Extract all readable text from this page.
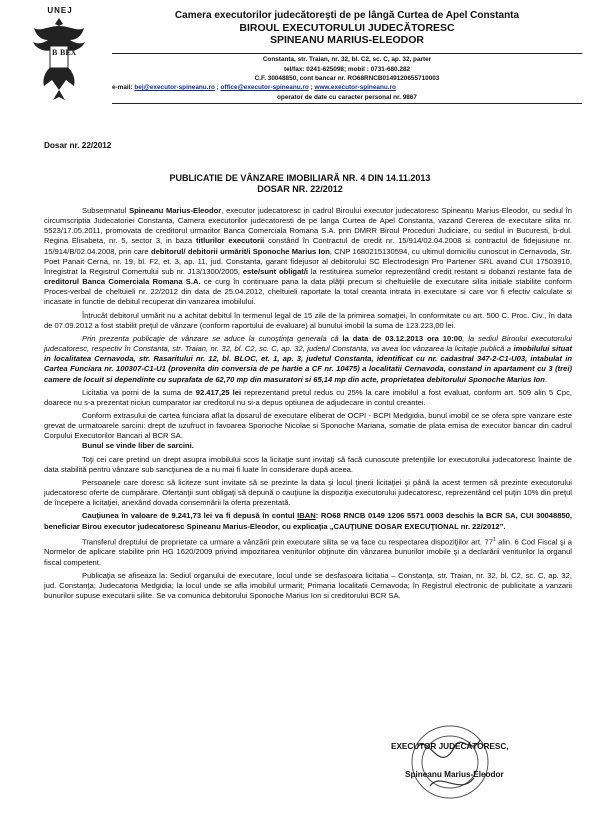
UNEJ
B BEX
Camera executorilor judecătoreşti de pe lângă Curtea de Apel Constanta
BIROUL EXECUTORULUI JUDECĂTORESC
SPINEANU MARIUS-ELEODOR
Constanta, str. Traian, nr. 32, bl. C2, sc. C, ap. 32, parter
tel/fax: 0241-625098; mobil : 0731-680.282
C.F. 30048850, cont bancar nr. RO68RNCB0149120655710003
e-mail: bej@executor-spineanu.ro ; office@executor-spineanu.ro ; www.executor-spineanu.ro
operator de date cu caracter personal nr. 9867
Dosar nr. 22/2012
PUBLICATIE DE VÂNZARE IMOBILIARĂ NR. 4 DIN 14.11.2013
DOSAR NR. 22/2012

Subsemnatul Spineanu Marius-Eleodor, executor judecatoresc in cadrul Biroului executor judecatoresc Spineanu Marius-Eleodor, cu sediul în circumscriptia Judecatoriei Constanta, Camera executorilor judecatoresti de pe langa Curtea de Apel Constanta, vazand Cererea de executare silita nr. 5523/17.05.2011, promovata de creditorul urmaritor Banca Comerciala Romana S.A. prin DMRR Biroul Proceduri Judiciare, cu sediul in Bucuresti, b-dul. Regina Elisabeta, nr. 5, sector 3, in baza titlurilor executorii constând în Contractul de credit nr. 15/914/02.04.2008 si contractul de fidejusiune nr. 15/914/B/02.04.2008, prin care debitorul/ debitorii urmărit/i Sponoche Marius Ion, CNP 1680215130594, cu ultimul domiciliu cunoscut in Cernavoda, Str. Poet Panait Cerna, nr. 19, bl. F2, et. 3, ap. 11, jud. Constanta, garant fidejusor al debitorului SC Electrodesign Pro Partener SRL avand CUI 17503910, înregistrat la Registrul Comertului sub nr. J13/1300/2005, este/sunt obligat/i la restituirea sumelor reprezentând credit restant si dobanzi restante fata de creditorul Banca Comerciala Romana S.A. ce curg în continuare pana la data plăţii precum si cheltuielile de executare silita initiale stabilite conform Proces-verbal de cheltuieli nr. 22/2012 din data de 25.04.2012, cheltuieli raportate la total creanta intrata in executare si care vor fi efectiv calculate si incasate in functie de debitul recuperat din vanzarea imobilului.

Întrucât debitorul urmărit nu a achitat debitul în termenul legal de 15 zile de la primirea somaţiei, în conformitate cu art. 500 C. Proc. Civ., în data de 07.09.2012 a fost stabilit preţul de vânzare (conform raportului de evaluare) al bunului imobil la suma de 123.223,00 lei.

Prin prezenta publicaţie de vânzare se aduce la cunoştinţa generala că la data de 03.12.2013 ora 10:00, la sediul Biroului executorului judecatoresc, respectiv în Constanta, str. Traian, nr. 32, bl. C2, sc. C, ap. 32, judetul Constanta, va avea loc vânzarea la licitaţie publică a imobilului situat in localitatea Cernavoda, str. Rasaritului nr. 12, bl. BLOC, et. 1, ap. 3, judetul Constanta, identificat cu nr. cadastral 347-2-C1-U03, intabulat in Cartea Funciara nr. 100307-C1-U1 (provenita din conversia de pe hartie a CF nr. 10475) a localitatii Cernavoda, constand in apartament cu 3 (trei) camere de locuit si dependinte cu suprafata de 62,70 mp din masuratori si 65,14 mp din acte, proprietatea debitorului Sponoche Marius Ion.

Licitatia va porni de la suma de 92.417,25 lei reprezentand pretul redus cu 25% la care imobilul a fost evaluat, conform art. 509 alin 5 Cpc, doarece nu s-a prezentat niciun cumparator iar creditorul nu si-a depus optiunea de adjudecare in contul creantei.

Conform extrasului de cartea funciara aflat la dosarul de executare eliberat de OCPI - BCPI Medgidia, bunul imobil ce se ofera spre vanzare este grevat de urmatoarele sarcini: drept de uzufruct in favoarea Sponoche Nicolae si Sponoche Mariana, somatie de plata emisa de executor bancar din cadrul Corpului Executorilor Bancari al BCR SA.

Bunul se vinde liber de sarcini.

Toţi cei care pretind un drept asupra imobilului scos la licitaţie sunt invitaţi să facă cunoscute pretenţiile lor executorului judecatoresc înainte de data stabilită pentru vânzare sub sancţiunea de a nu mai fi luate în considerare după aceea.

Persoanele care doresc să liciteze sunt invitate să se prezinte la data şi locul ţinerii licitaţiei şi până la acest termen să prezinte executorului judecatoresc oferte de cumpărare. Ofertanţii sunt obligaţi să depună o cauţiune la dispoziţia executorului judecatoresc, reprezentând cel puţin 10% din preţul de începere a licitaţiei, anexând dovada consemnării la oferta prezentată.

Cauţiunea în valoare de 9.241,73 lei va fi depusă în contul IBAN: RO68 RNCB 0149 1206 5571 0003 deschis la BCR SA, CUI 30048850, beneficiar Birou executor judecatoresc Spineanu Marius-Eleodor, cu explicaţia „CAUŢIUNE DOSAR EXECUŢIONAL nr. 22/2012”.

Transferul dreptului de proprietate ca urmare a vânzării prin executare silita se va face cu respectarea dispoziţiilor art. $77^1$ alin. 6 Cod Fiscal şi a Normelor de aplicare stabilite prin HG 1620/2009 privind impozitarea veniturilor obţinute din vânzarea bunurilor imobile şi a declarării veniturilor la organul fiscal competent.

Publicaţia se afiseaza la: Sediul organului de executare, locul unde se desfasoara licitatia – Constanţa, str. Traian, nr. 32, bl. C2, sc. C, ap. 32, jud. Constanţa; Judecatoria Medgidia; la locul unde se afla imobilul urmarit; Primaria localitatii Cernavoda; în Registrul electronic de publicitate a vanzarii bunurilor supuse executarii silite. Se va comunica debitorului Sponoche Marius Ion si creditorului BCR SA.

EXECUTOR JUDECĂTORESC,
Spineanu Marius-Eleodor
